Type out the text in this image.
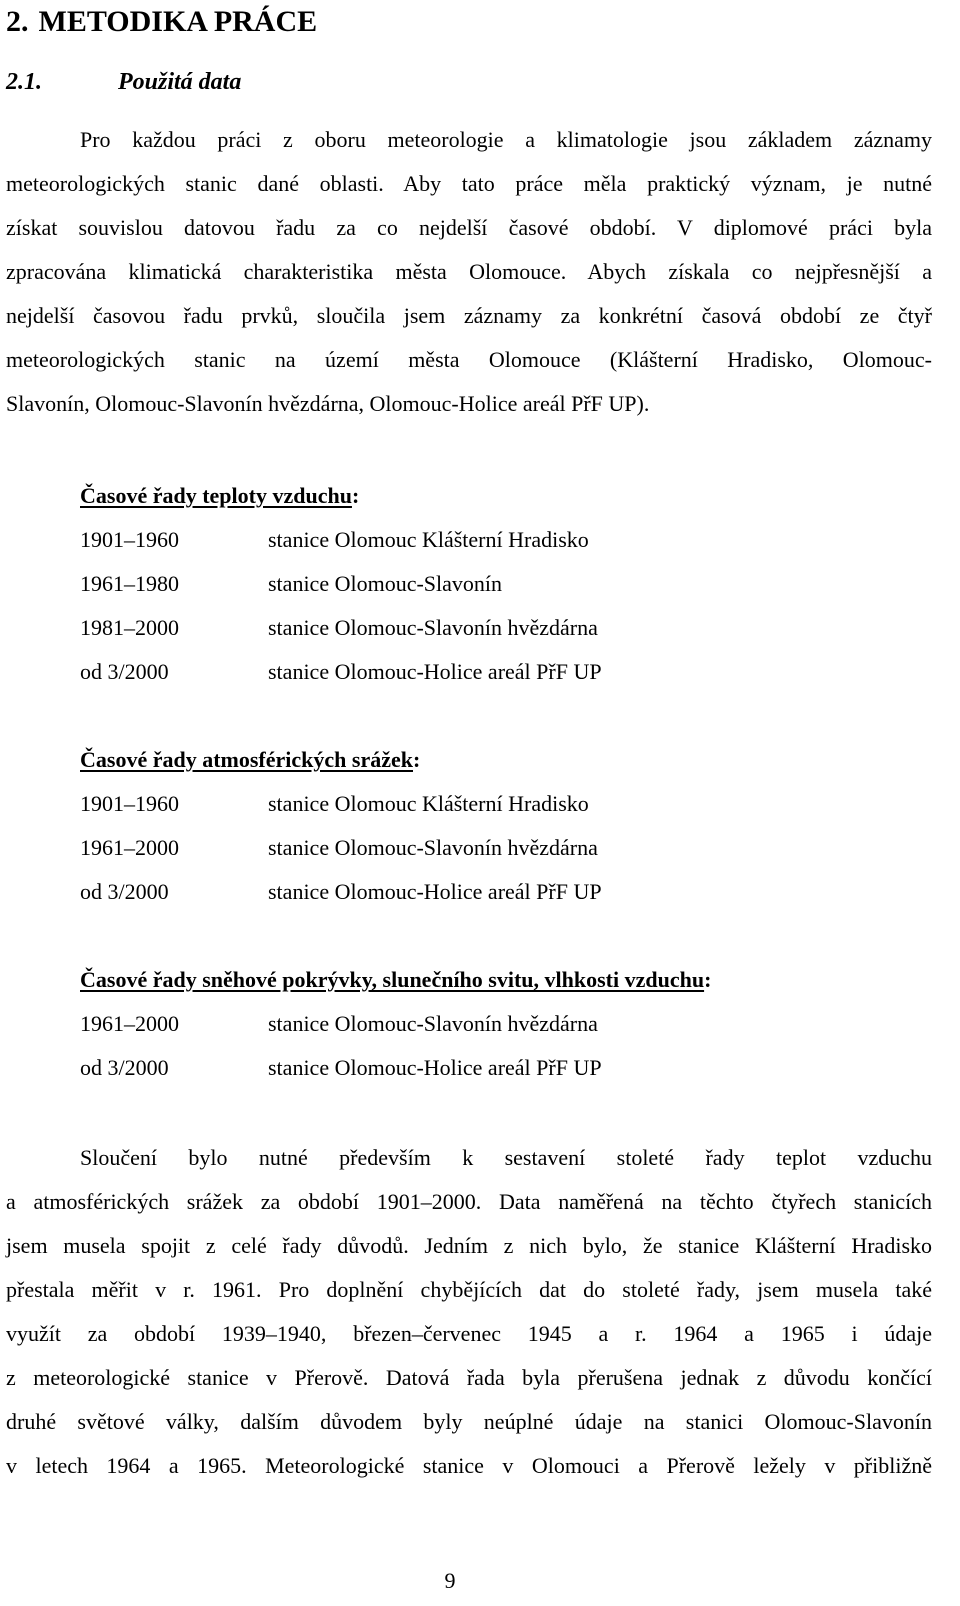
2. METODIKA PRÁCE
2.1.	Použitá data
Pro každou práci z oboru meteorologie a klimatologie jsou základem záznamy
meteorologických stanic dané oblasti. Aby tato práce měla praktický význam, je nutné
získat souvislou datovou řadu za co nejdelší časové období. V diplomové práci byla
zpracována klimatická charakteristika města Olomouce. Abych získala co nejpřesnější a
nejdelší časovou řadu prvků, sloučila jsem záznamy za konkrétní časová období ze čtyř
meteorologických stanic na území města Olomouce (Klášterní Hradisko, Olomouc-
Slavonín, Olomouc-Slavonín hvězdárna, Olomouc-Holice areál PřF UP).
Časové řady teploty vzduchu:
1901–1960	stanice Olomouc Klášterní Hradisko
1961–1980	stanice Olomouc-Slavonín
1981–2000	stanice Olomouc-Slavonín hvězdárna
od 3/2000	stanice Olomouc-Holice areál PřF UP
Časové řady atmosférických srážek:
1901–1960	stanice Olomouc Klášterní Hradisko
1961–2000	stanice Olomouc-Slavonín hvězdárna
od 3/2000	stanice Olomouc-Holice areál PřF UP
Časové řady sněhové pokrývky, slunečního svitu, vlhkosti vzduchu:
1961–2000	stanice Olomouc-Slavonín hvězdárna
od 3/2000	stanice Olomouc-Holice areál PřF UP
Sloučení bylo nutné především k sestavení stoleté řady teplot vzduchu
a atmosférických srážek za období 1901–2000. Data naměřená na těchto čtyřech stanicích
jsem musela spojit z celé řady důvodů. Jedním z nich bylo, že stanice Klášterní Hradisko
přestala měřit v r. 1961. Pro doplnění chybějících dat do stoleté řady, jsem musela také
využít za období 1939–1940, březen–červenec 1945 a r. 1964 a 1965 i údaje
z meteorologické stanice v Přerově. Datová řada byla přerušena jednak z důvodu končící
druhé světové války, dalším důvodem byly neúplné údaje na stanici Olomouc-Slavonín
v letech 1964 a 1965. Meteorologické stanice v Olomouci a Přerově ležely v přibližně
9
